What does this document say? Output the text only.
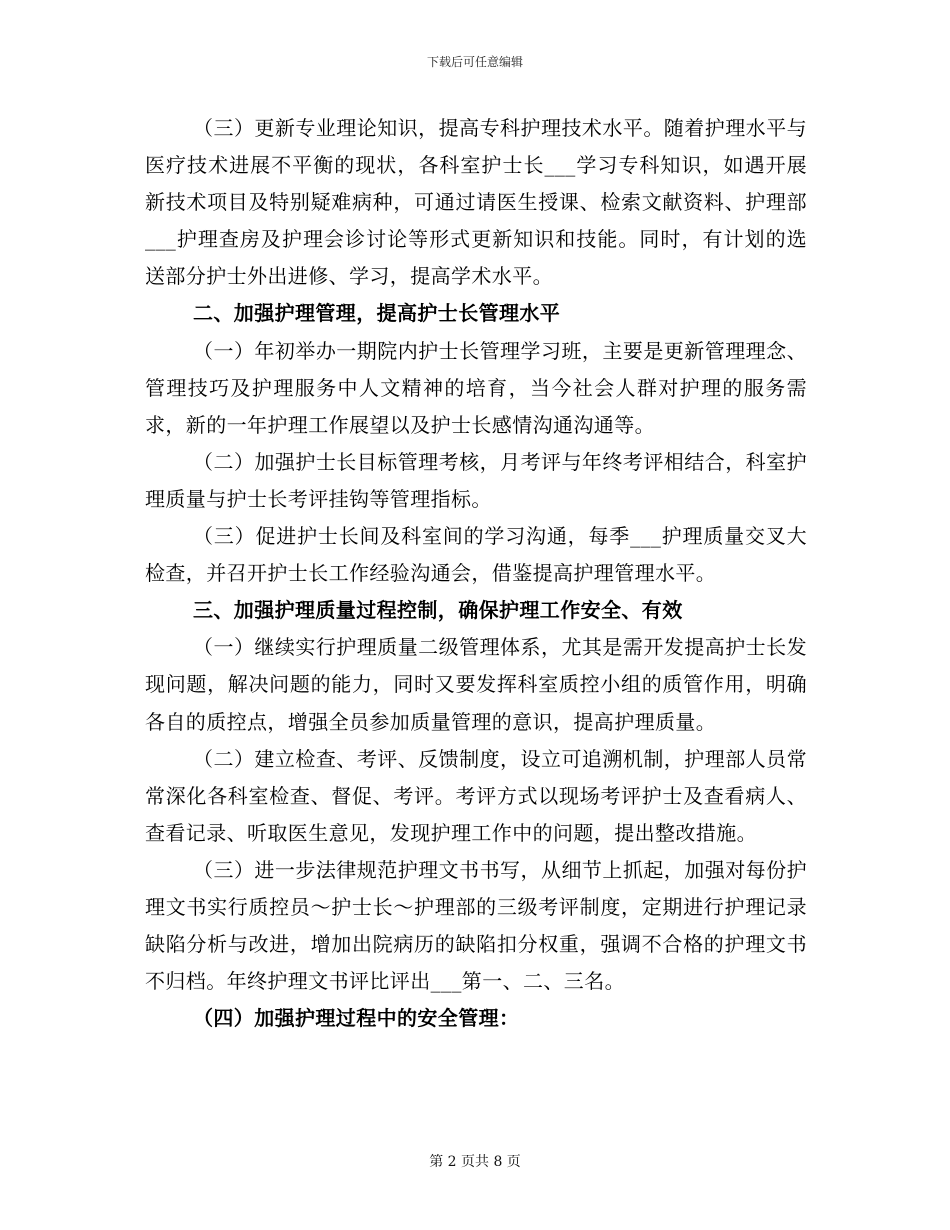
下载后可任意编辑

（三）更新专业理论知识，提高专科护理技术水平。随着护理水平与医疗技术进展不平衡的现状，各科室护士长___学习专科知识，如遇开展新技术项目及特别疑难病种，可通过请医生授课、检索文献资料、护理部___护理查房及护理会诊讨论等形式更新知识和技能。同时，有计划的选送部分护士外出进修、学习，提高学术水平。

二、加强护理管理，提高护士长管理水平

（一）年初举办一期院内护士长管理学习班，主要是更新管理理念、管理技巧及护理服务中人文精神的培育，当今社会人群对护理的服务需求，新的一年护理工作展望以及护士长感情沟通沟通等。

（二）加强护士长目标管理考核，月考评与年终考评相结合，科室护理质量与护士长考评挂钩等管理指标。

（三）促进护士长间及科室间的学习沟通，每季___护理质量交叉大检查，并召开护士长工作经验沟通会，借鉴提高护理管理水平。

三、加强护理质量过程控制，确保护理工作安全、有效

（一）继续实行护理质量二级管理体系，尤其是需开发提高护士长发现问题，解决问题的能力，同时又要发挥科室质控小组的质管作用，明确各自的质控点，增强全员参加质量管理的意识，提高护理质量。

（二）建立检查、考评、反馈制度，设立可追溯机制，护理部人员常常深化各科室检查、督促、考评。考评方式以现场考评护士及查看病人、查看记录、听取医生意见，发现护理工作中的问题，提出整改措施。

（三）进一步法律规范护理文书书写，从细节上抓起，加强对每份护理文书实行质控员～护士长～护理部的三级考评制度，定期进行护理记录缺陷分析与改进，增加出院病历的缺陷扣分权重，强调不合格的护理文书不归档。年终护理文书评比评出___第一、二、三名。

（四）加强护理过程中的安全管理：

第 2 页共 8 页
